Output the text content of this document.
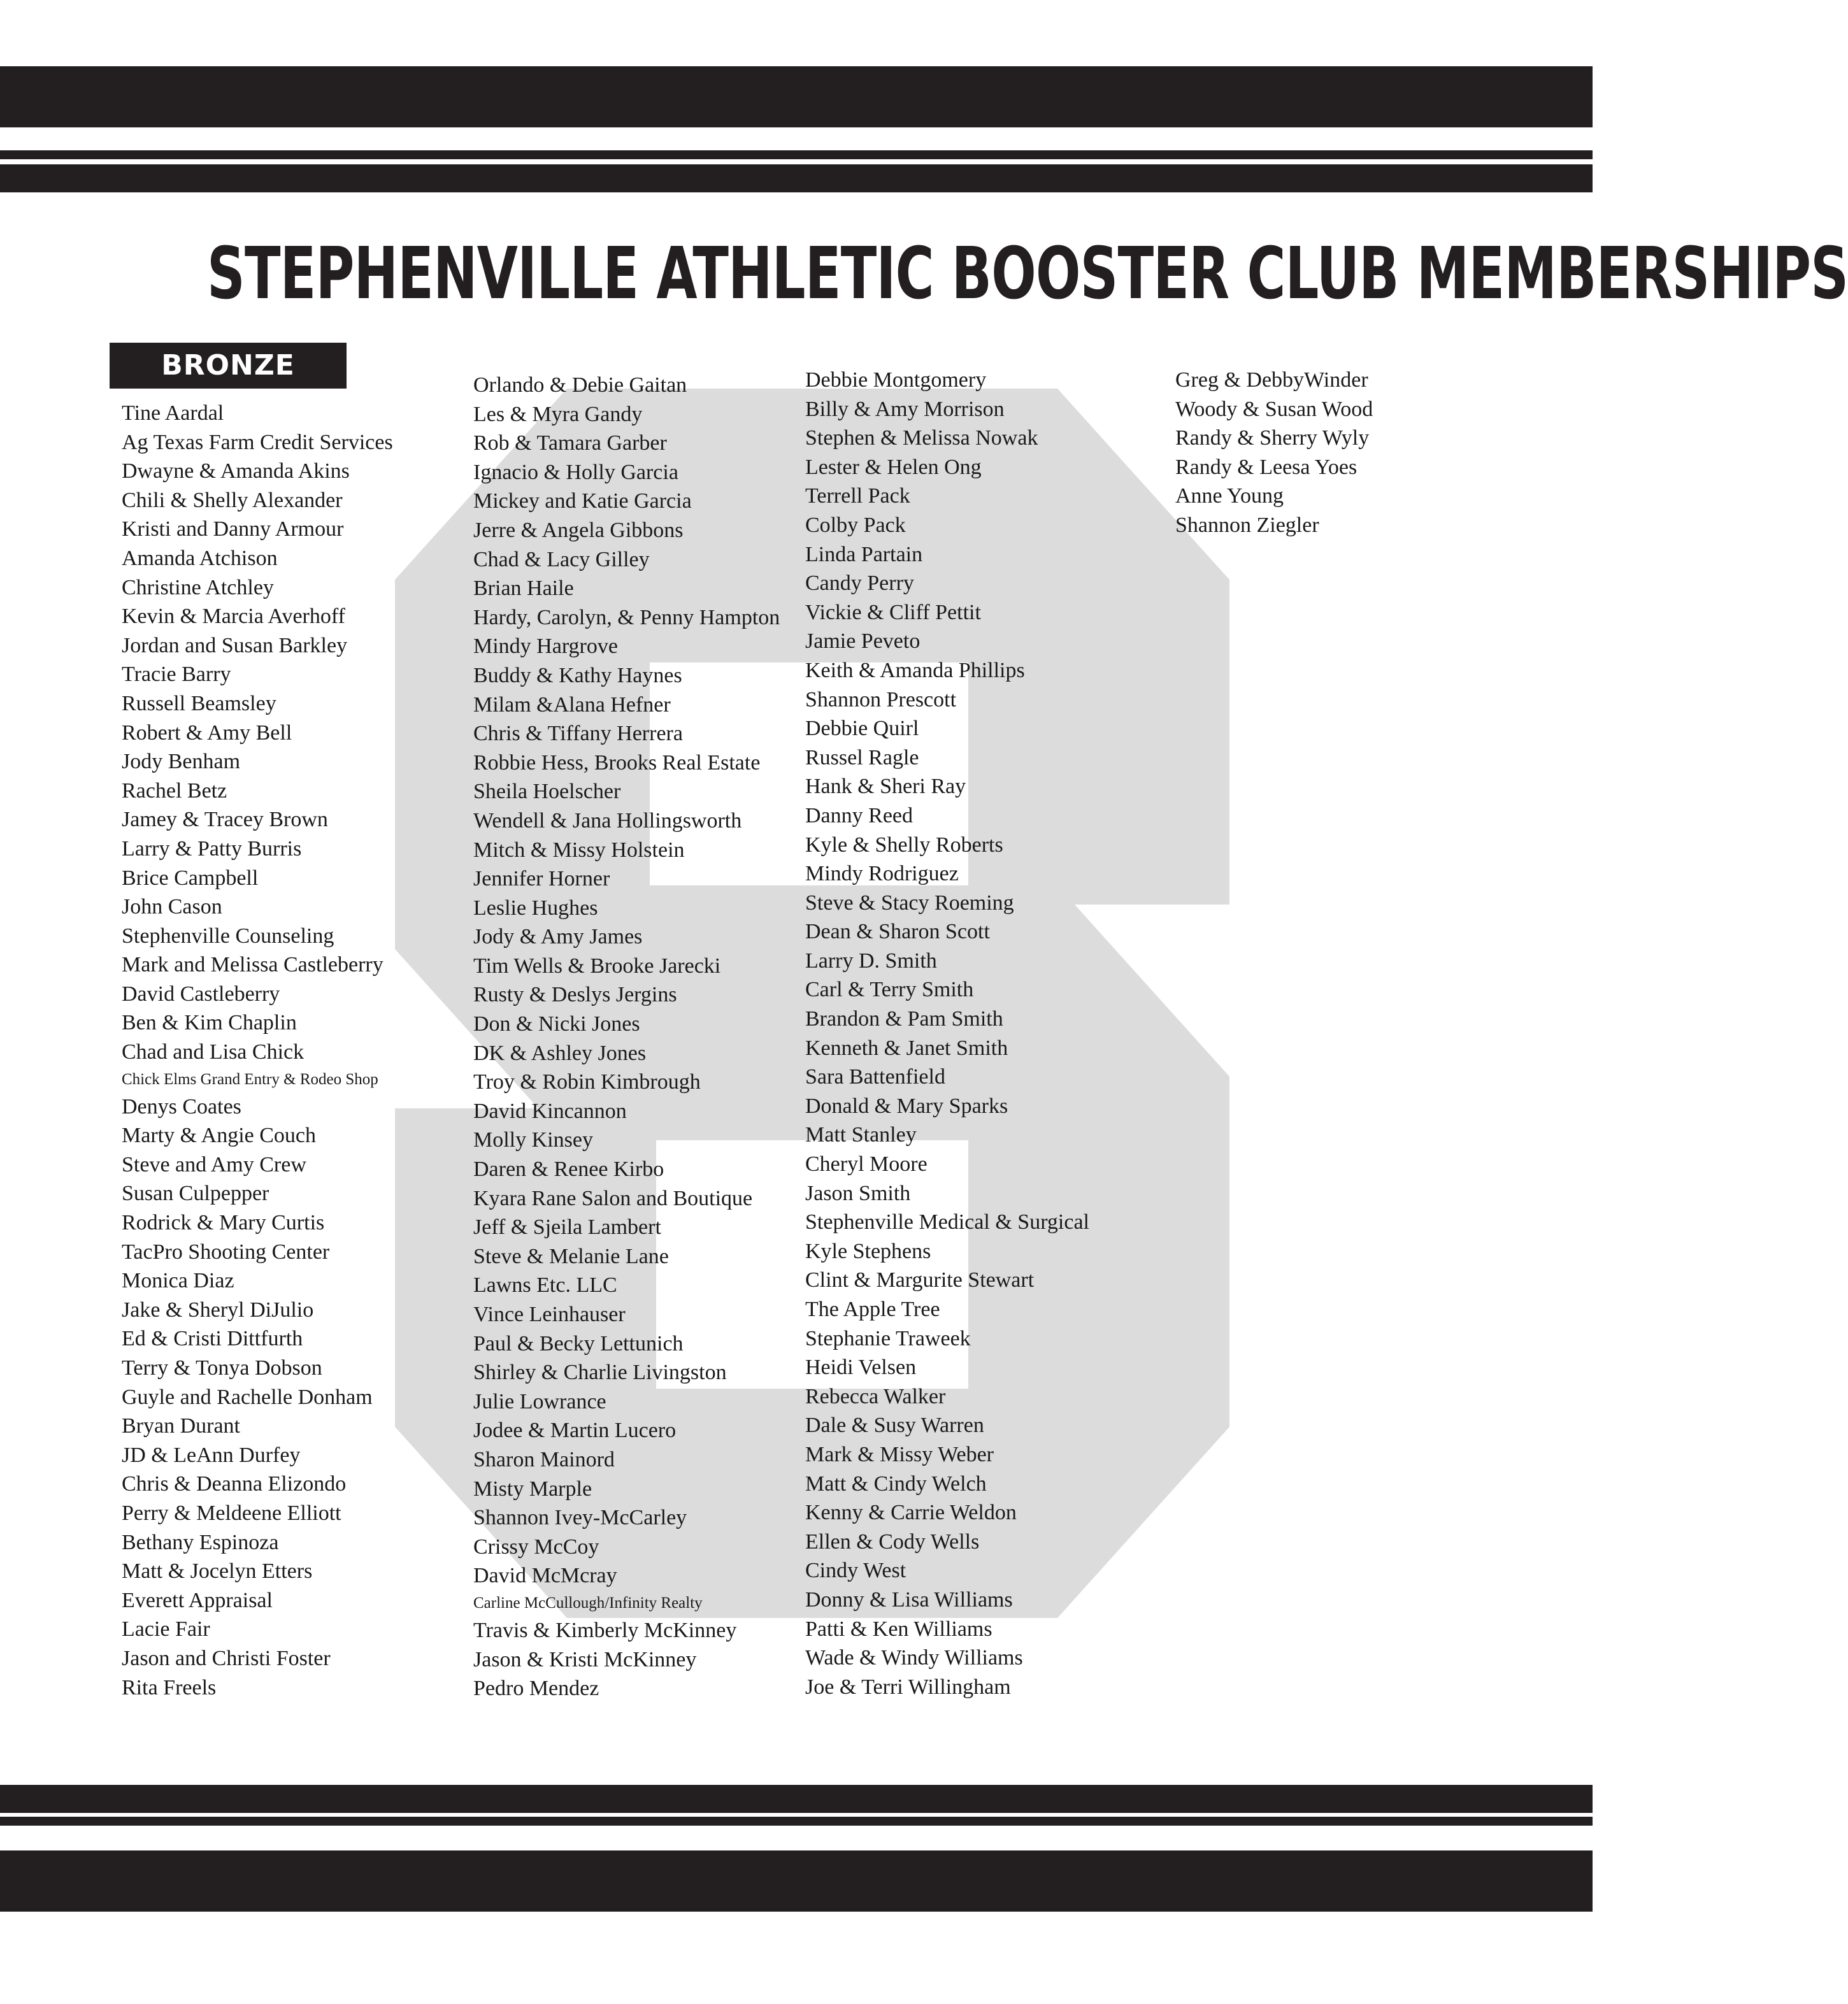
STEPHENVILLE ATHLETIC BOOSTER CLUB MEMBERSHIPS
BRONZE
Tine Aardal
Ag Texas Farm Credit Services
Dwayne & Amanda Akins
Chili & Shelly Alexander
Kristi and Danny Armour
Amanda Atchison
Christine Atchley
Kevin & Marcia Averhoff
Jordan and Susan Barkley
Tracie Barry
Russell Beamsley
Robert & Amy Bell
Jody Benham
Rachel Betz
Jamey & Tracey Brown
Larry & Patty Burris
Brice Campbell
John Cason
Stephenville Counseling
Mark and Melissa Castleberry
David Castleberry
Ben & Kim Chaplin
Chad and Lisa Chick
Chick Elms Grand Entry & Rodeo Shop
Denys Coates
Marty & Angie Couch
Steve and Amy Crew
Susan Culpepper
Rodrick & Mary Curtis
TacPro Shooting Center
Monica Diaz
Jake & Sheryl DiJulio
Ed & Cristi Dittfurth
Terry & Tonya Dobson
Guyle and Rachelle Donham
Bryan Durant
JD & LeAnn Durfey
Chris & Deanna Elizondo
Perry & Meldeene Elliott
Bethany Espinoza
Matt & Jocelyn Etters
Everett Appraisal
Lacie Fair
Jason and Christi Foster
Rita Freels
Orlando & Debie Gaitan
Les & Myra Gandy
Rob & Tamara Garber
Ignacio & Holly Garcia
Mickey and Katie Garcia
Jerre & Angela Gibbons
Chad & Lacy Gilley
Brian Haile
Hardy, Carolyn, & Penny Hampton
Mindy Hargrove
Buddy & Kathy Haynes
Milam &Alana Hefner
Chris & Tiffany Herrera
Robbie Hess, Brooks Real Estate
Sheila Hoelscher
Wendell & Jana Hollingsworth
Mitch & Missy Holstein
Jennifer Horner
Leslie Hughes
Jody & Amy James
Tim Wells & Brooke Jarecki
Rusty & Deslys Jergins
Don & Nicki Jones
DK & Ashley Jones
Troy & Robin Kimbrough
David Kincannon
Molly Kinsey
Daren & Renee Kirbo
Kyara Rane Salon and Boutique
Jeff & Sjeila Lambert
Steve & Melanie Lane
Lawns Etc. LLC
Vince Leinhauser
Paul & Becky Lettunich
Shirley & Charlie Livingston
Julie Lowrance
Jodee & Martin Lucero
Sharon Mainord
Misty Marple
Shannon Ivey-McCarley
Crissy McCoy
David McMcray
Carline McCullough/Infinity Realty
Travis & Kimberly McKinney
Jason & Kristi McKinney
Pedro Mendez
Debbie Montgomery
Billy & Amy Morrison
Stephen & Melissa Nowak
Lester & Helen Ong
Terrell Pack
Colby Pack
Linda Partain
Candy Perry
Vickie & Cliff Pettit
Jamie Peveto
Keith & Amanda Phillips
Shannon Prescott
Debbie Quirl
Russel Ragle
Hank & Sheri Ray
Danny Reed
Kyle & Shelly Roberts
Mindy Rodriguez
Steve & Stacy Roeming
Dean & Sharon Scott
Larry D. Smith
Carl & Terry Smith
Brandon & Pam Smith
Kenneth & Janet Smith
Sara Battenfield
Donald & Mary Sparks
Matt Stanley
Cheryl Moore
Jason Smith
Stephenville Medical & Surgical
Kyle Stephens
Clint & Margurite Stewart
The Apple Tree
Stephanie Traweek
Heidi Velsen
Rebecca Walker
Dale & Susy Warren
Mark & Missy Weber
Matt & Cindy Welch
Kenny & Carrie Weldon
Ellen & Cody Wells
Cindy West
Donny & Lisa Williams
Patti & Ken Williams
Wade & Windy Williams
Joe & Terri Willingham
Greg & DebbyWinder
Woody & Susan Wood
Randy & Sherry Wyly
Randy & Leesa Yoes
Anne Young
Shannon Ziegler
